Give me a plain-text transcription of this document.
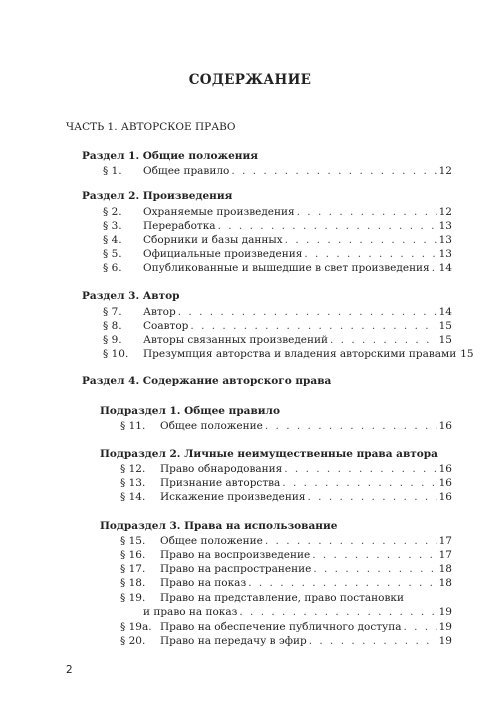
СОДЕРЖАНИЕ
ЧАСТЬ 1. АВТОРСКОЕ ПРАВО
Раздел 1. Общие положения
§ 1.	Общее правило . . .	12
Раздел 2. Произведения
§ 2.	Охраняемые произведения . . .	12
§ 3.	Переработка . . .	13
§ 4.	Сборники и базы данных . . .	13
§ 5.	Официальные произведения . . .	13
§ 6.	Опубликованные и вышедшие в свет произведения . . . 14
Раздел 3. Автор
§ 7.	Автор . . .	14
§ 8.	Соавтор . . .	15
§ 9.	Авторы связанных произведений . . .	15
§ 10.	Презумпция авторства и владения авторскими правами 15
Раздел 4. Содержание авторского права
Подраздел 1. Общее правило
§ 11.	Общее положение . . .	16
Подраздел 2. Личные неимущественные права автора
§ 12.	Право обнародования . . .	16
§ 13.	Признание авторства . . .	16
§ 14.	Искажение произведения . . .	16
Подраздел 3. Права на использование
§ 15.	Общее положение . . .	17
§ 16.	Право на воспроизведение . . .	17
§ 17.	Право на распространение . . .	18
§ 18.	Право на показ . . .	18
§ 19.	Право на представление, право постановки
и право на показ . . .	19
§ 19а. Право на обеспечение публичного доступа . . .	19
§ 20.	Право на передачу в эфир . . .	19
2
